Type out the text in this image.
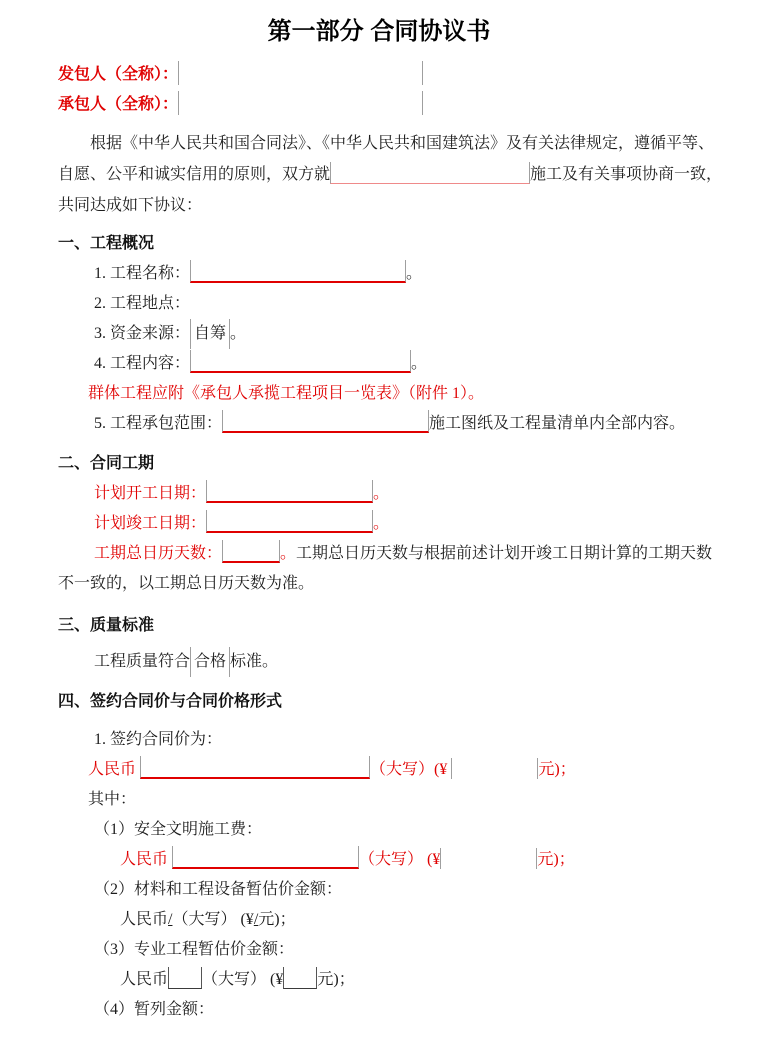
第一部分 合同协议书
发包人（全称）：
承包人（全称）：
根据《中华人民共和国合同法》、《中华人民共和国建筑法》及有关法律规定，遵循平等、
自愿、公平和诚实信用的原则，双方就	施工及有关事项协商一致，
共同达成如下协议：
一、工程概况
1. 工程名称：	。
2. 工程地点：
3. 资金来源： 自筹 。
4. 工程内容：	。
群体工程应附《承包人承揽工程项目一览表》（附件 1）。
5. 工程承包范围：	施工图纸及工程量清单内全部内容。
二、合同工期
计划开工日期：	。
计划竣工日期：	。
工期总日历天数：	。工期总日历天数与根据前述计划开竣工日期计算的工期天数
不一致的，以工期总日历天数为准。
三、质量标准
工程质量符合 合格 标准。
四、签约合同价与合同价格形式
1. 签约合同价为：
人民币	（大写）(¥	元)；
其中：
（1）安全文明施工费：
人民币	（大写） (¥	元)；
（2）材料和工程设备暂估价金额：
人民币/（大写） (¥/元)；
（3）专业工程暂估价金额：
人民币 （大写） (¥ 元)；
（4）暂列金额：
